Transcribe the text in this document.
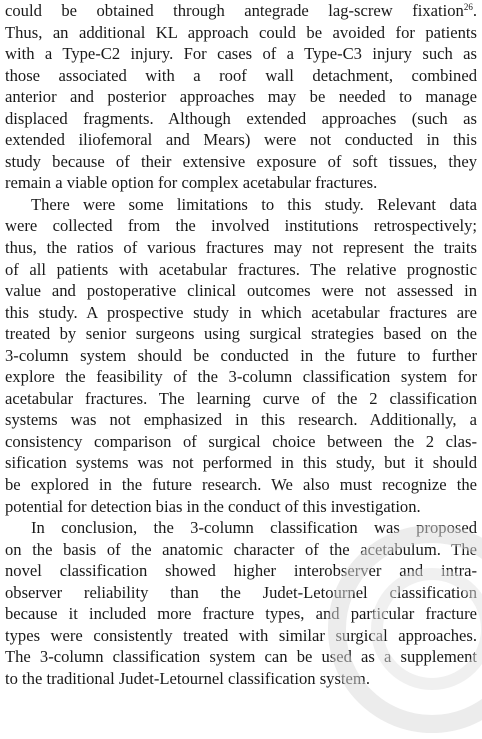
could be obtained through antegrade lag-screw fixation$^{26}$.
Thus, an additional KL approach could be avoided for patients
with a Type-C2 injury. For cases of a Type-C3 injury such as
those associated with a roof wall detachment, combined
anterior and posterior approaches may be needed to manage
displaced fragments. Although extended approaches (such as
extended iliofemoral and Mears) were not conducted in this
study because of their extensive exposure of soft tissues, they
remain a viable option for complex acetabular fractures.

There were some limitations to this study. Relevant data
were collected from the involved institutions retrospectively;
thus, the ratios of various fractures may not represent the traits
of all patients with acetabular fractures. The relative prognostic
value and postoperative clinical outcomes were not assessed in
this study. A prospective study in which acetabular fractures are
treated by senior surgeons using surgical strategies based on the
3-column system should be conducted in the future to further
explore the feasibility of the 3-column classification system for
acetabular fractures. The learning curve of the 2 classification
systems was not emphasized in this research. Additionally, a
consistency comparison of surgical choice between the 2 clas-
sification systems was not performed in this study, but it should
be explored in the future research. We also must recognize the
potential for detection bias in the conduct of this investigation.

In conclusion, the 3-column classification was proposed
on the basis of the anatomic character of the acetabulum. The
novel classification showed higher interobserver and intra-
observer reliability than the Judet-Letournel classification
because it included more fracture types, and particular fracture
types were consistently treated with similar surgical approaches.
The 3-column classification system can be used as a supplement
to the traditional Judet-Letournel classification system.
